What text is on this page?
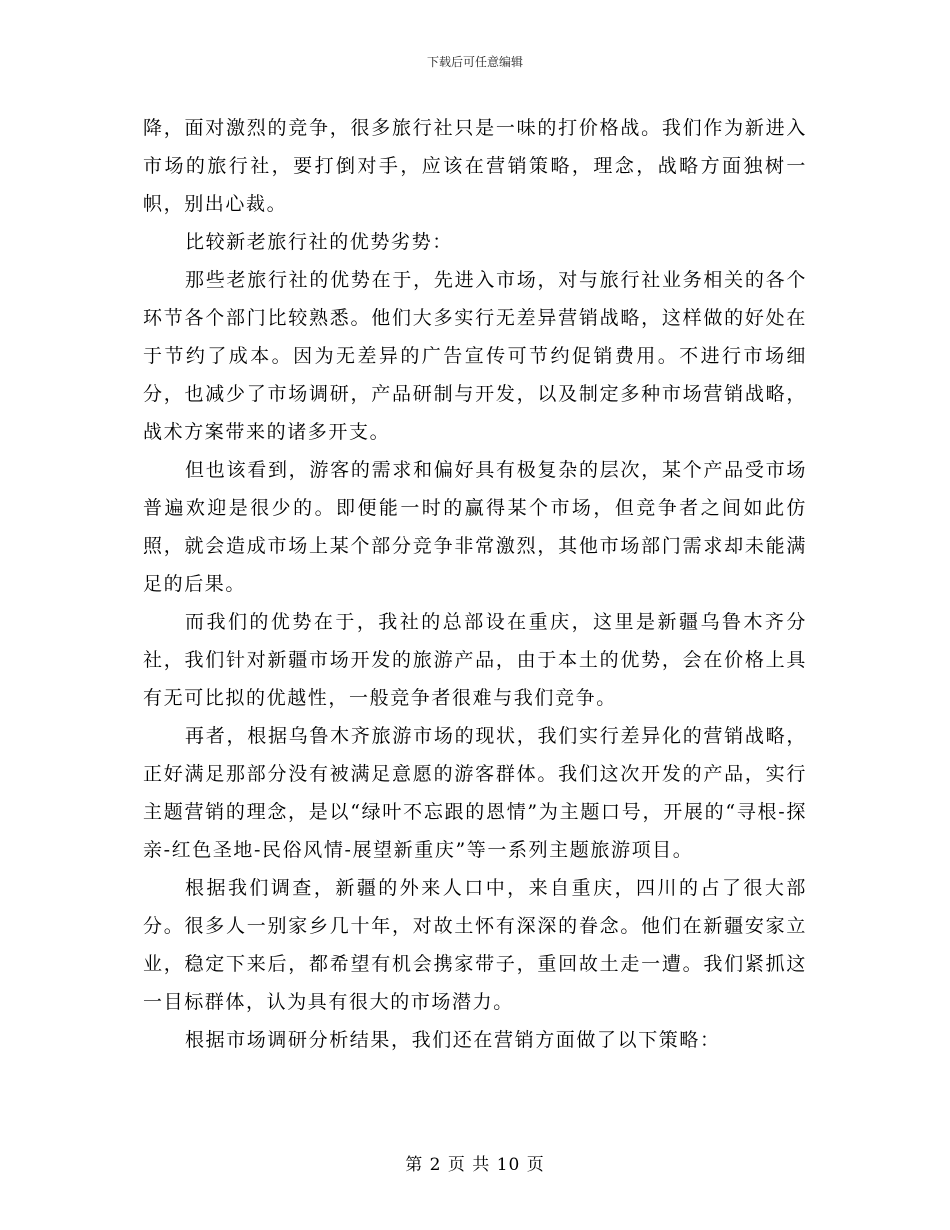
下载后可任意编辑

降，面对激烈的竞争，很多旅行社只是一味的打价格战。我们作为新进入市场的旅行社，要打倒对手，应该在营销策略，理念，战略方面独树一帜，别出心裁。

比较新老旅行社的优势劣势：

那些老旅行社的优势在于，先进入市场，对与旅行社业务相关的各个环节各个部门比较熟悉。他们大多实行无差异营销战略，这样做的好处在于节约了成本。因为无差异的广告宣传可节约促销费用。不进行市场细分，也减少了市场调研，产品研制与开发，以及制定多种市场营销战略，战术方案带来的诸多开支。

但也该看到，游客的需求和偏好具有极复杂的层次，某个产品受市场普遍欢迎是很少的。即便能一时的赢得某个市场，但竞争者之间如此仿照，就会造成市场上某个部分竞争非常激烈，其他市场部门需求却未能满足的后果。

而我们的优势在于，我社的总部设在重庆，这里是新疆乌鲁木齐分社，我们针对新疆市场开发的旅游产品，由于本土的优势，会在价格上具有无可比拟的优越性，一般竞争者很难与我们竞争。

再者，根据乌鲁木齐旅游市场的现状，我们实行差异化的营销战略，正好满足那部分没有被满足意愿的游客群体。我们这次开发的产品，实行主题营销的理念，是以“绿叶不忘跟的恩情”为主题口号，开展的“寻根-探亲-红色圣地-民俗风情-展望新重庆”等一系列主题旅游项目。

根据我们调查，新疆的外来人口中，来自重庆，四川的占了很大部分。很多人一别家乡几十年，对故土怀有深深的眷念。他们在新疆安家立业，稳定下来后，都希望有机会携家带子，重回故土走一遭。我们紧抓这一目标群体，认为具有很大的市场潜力。

根据市场调研分析结果，我们还在营销方面做了以下策略：

第 2 页 共 10 页
